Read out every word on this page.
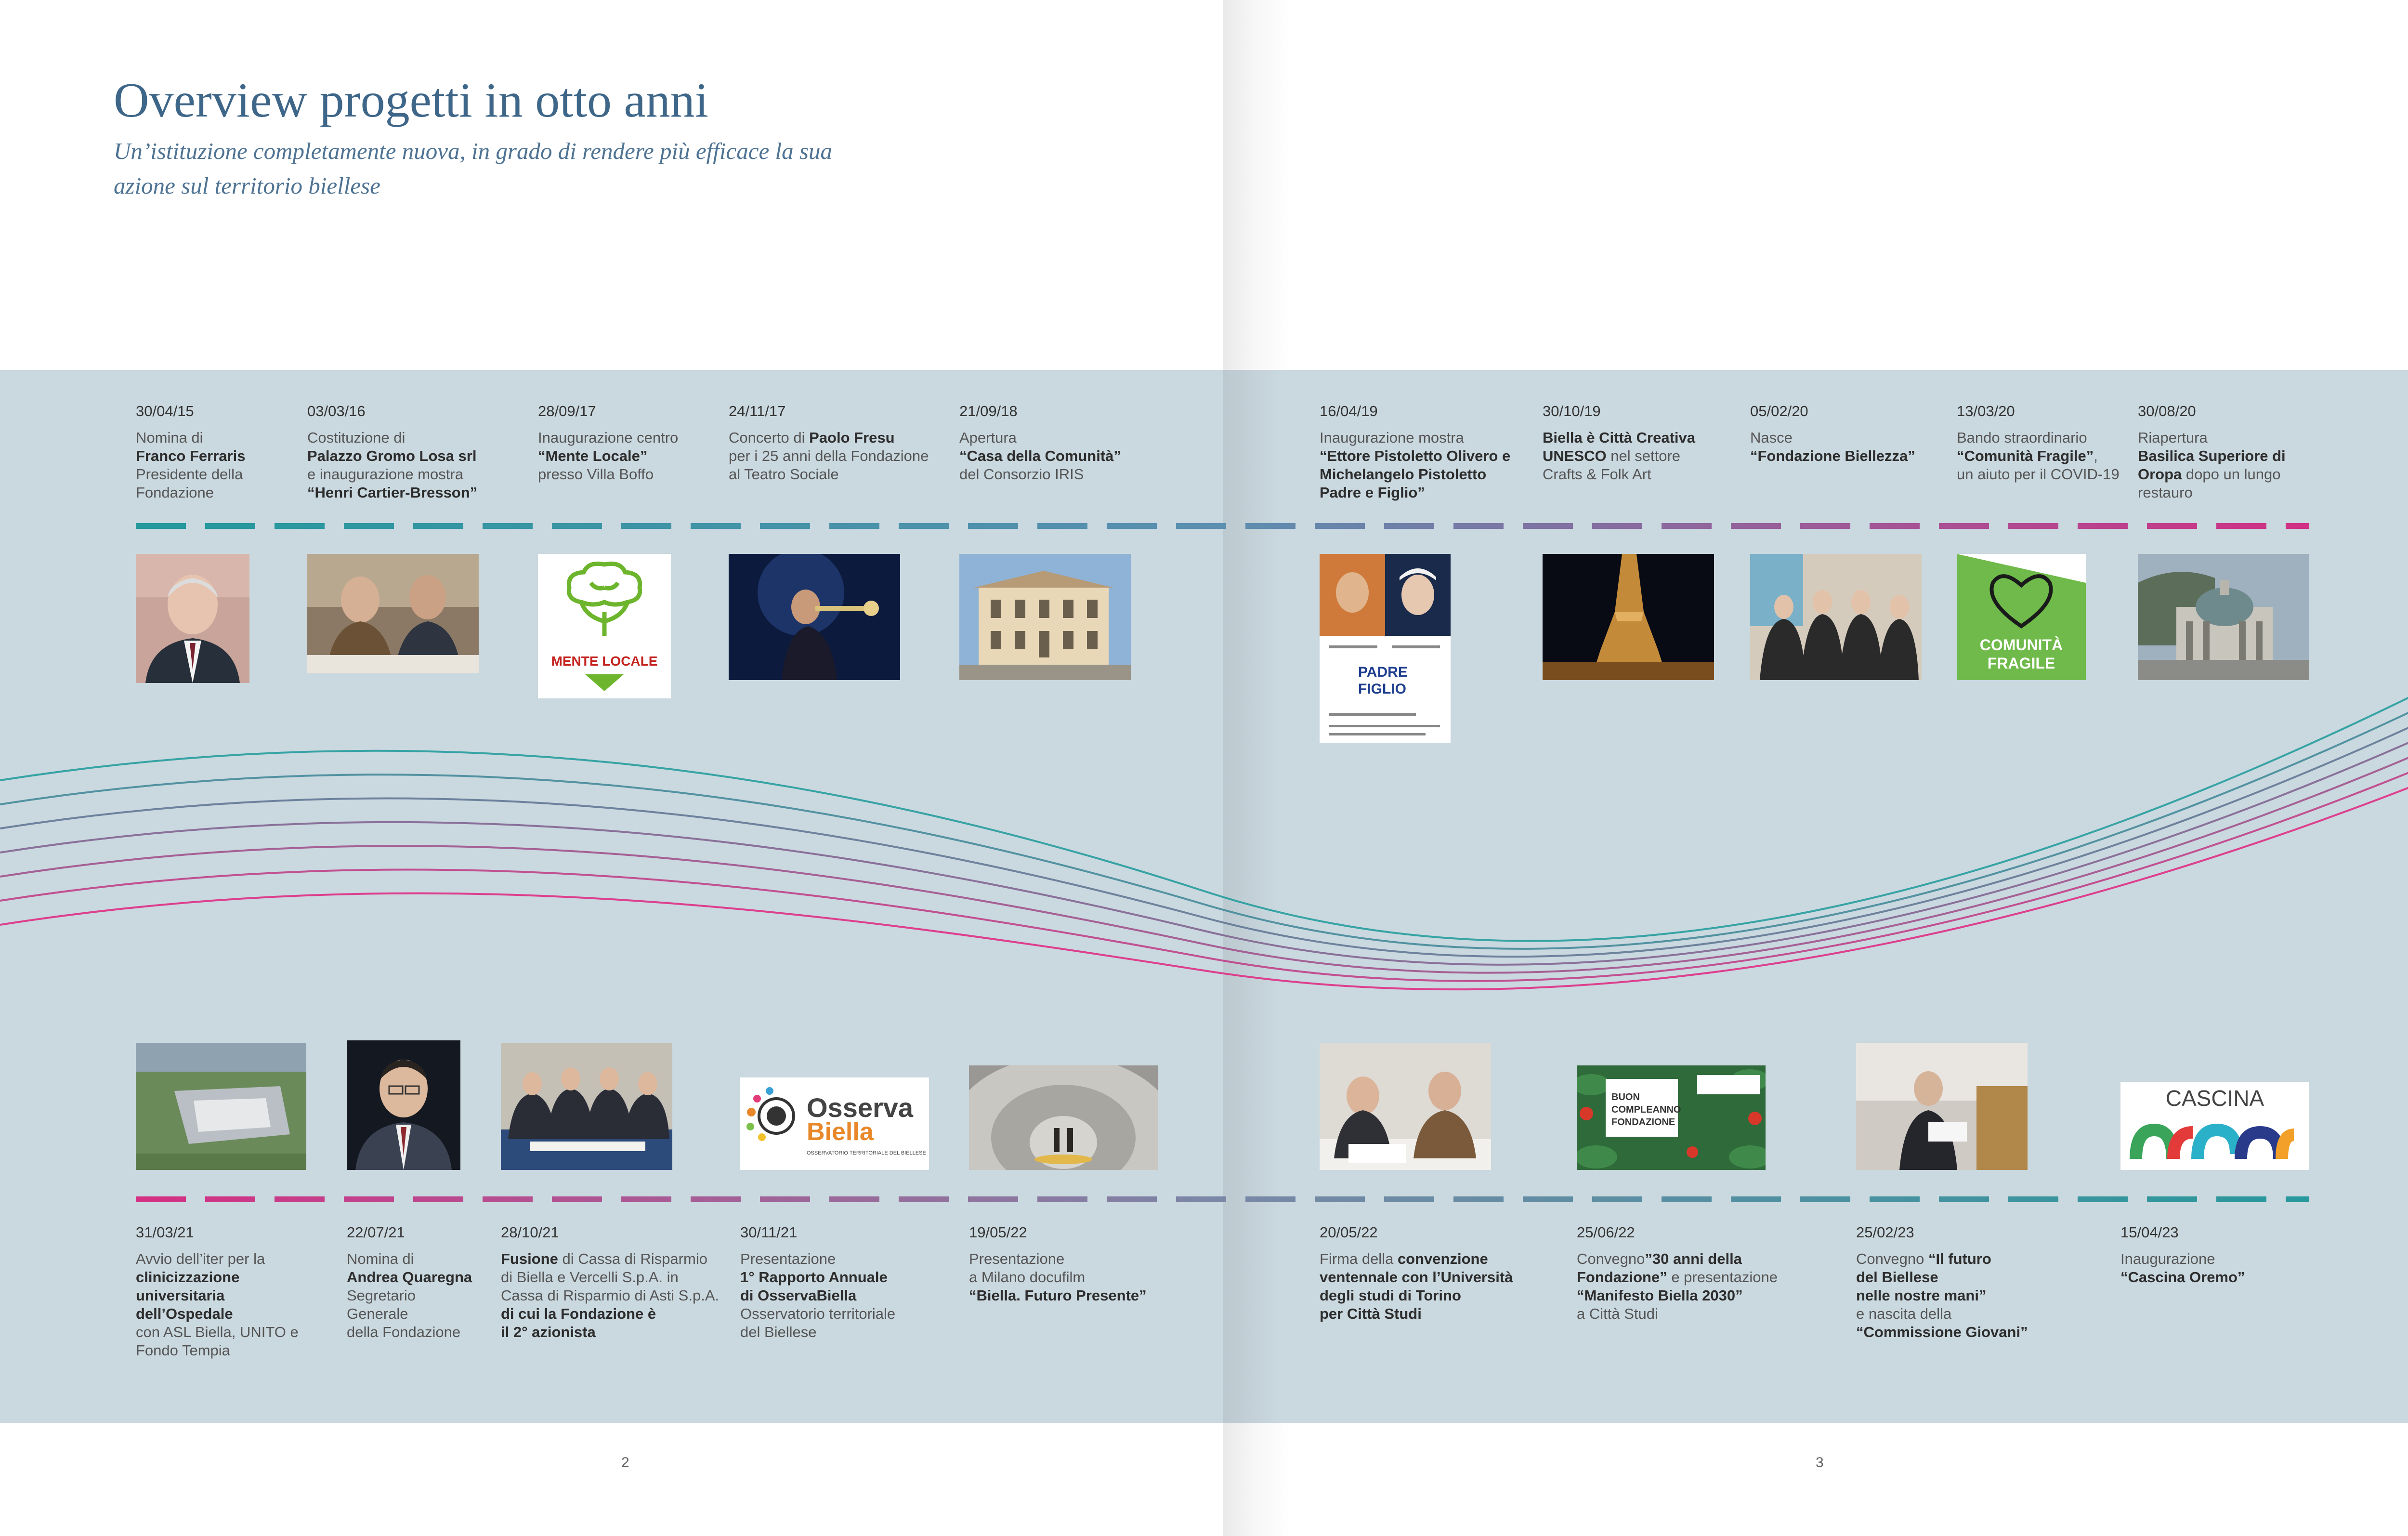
Overview progetti in otto anni

Un’istituzione completamente nuova, in grado di rendere più efficace la sua azione sul territorio biellese

30/04/15
Nomina di
Franco Ferraris
Presidente della
Fondazione
03/03/16
Costituzione di
Palazzo Gromo Losa srl
e inaugurazione mostra
“Henri Cartier-Bresson”
28/09/17
Inaugurazione centro
“Mente Locale”
presso Villa Boffo
24/11/17
Concerto di Paolo Fresu
per i 25 anni della Fondazione
al Teatro Sociale
21/09/18
Apertura
“Casa della Comunità”
del Consorzio IRIS
16/04/19
Inaugurazione mostra
“Ettore Pistoletto Olivero e
Michelangelo Pistoletto
Padre e Figlio”
30/10/19
Biella è Città Creativa
UNESCO nel settore
Crafts & Folk Art
05/02/20
Nasce
“Fondazione Biellezza”
13/03/20
Bando straordinario
“Comunità Fragile”,
un aiuto per il COVID-19
30/08/20
Riapertura
Basilica Superiore di
Oropa dopo un lungo
restauro
31/03/21
Avvio dell’iter per la
clinicizzazione
universitaria
dell’Ospedale
con ASL Biella, UNITO e
Fondo Tempia
22/07/21
Nomina di
Andrea Quaregna
Segretario
Generale
della Fondazione
28/10/21
Fusione di Cassa di Risparmio
di Biella e Vercelli S.p.A. in
Cassa di Risparmio di Asti S.p.A.
di cui la Fondazione è
il 2° azionista
30/11/21
Presentazione
1° Rapporto Annuale
di OsservaBiella
Osservatorio territoriale
del Biellese
19/05/22
Presentazione
a Milano docufilm
“Biella. Futuro Presente”
20/05/22
Firma della convenzione
ventennale con l’Università
degli studi di Torino
per Città Studi
25/06/22
Convegno”30 anni della
Fondazione” e presentazione
“Manifesto Biella 2030”
a Città Studi
25/02/23
Convegno “Il futuro
del Biellese
nelle nostre mani”
e nascita della
“Commissione Giovani”
15/04/23
Inaugurazione
“Cascina Oremo”
MENTE LOCALE
PADRE
FIGLIO
COMUNITÀ
FRAGILE
Osserva
Biella
OSSERVATORIO TERRITORIALE DEL BIELLESE
BUON
COMPLEANNO
FONDAZIONE
CASCINA
oremo
2	3
